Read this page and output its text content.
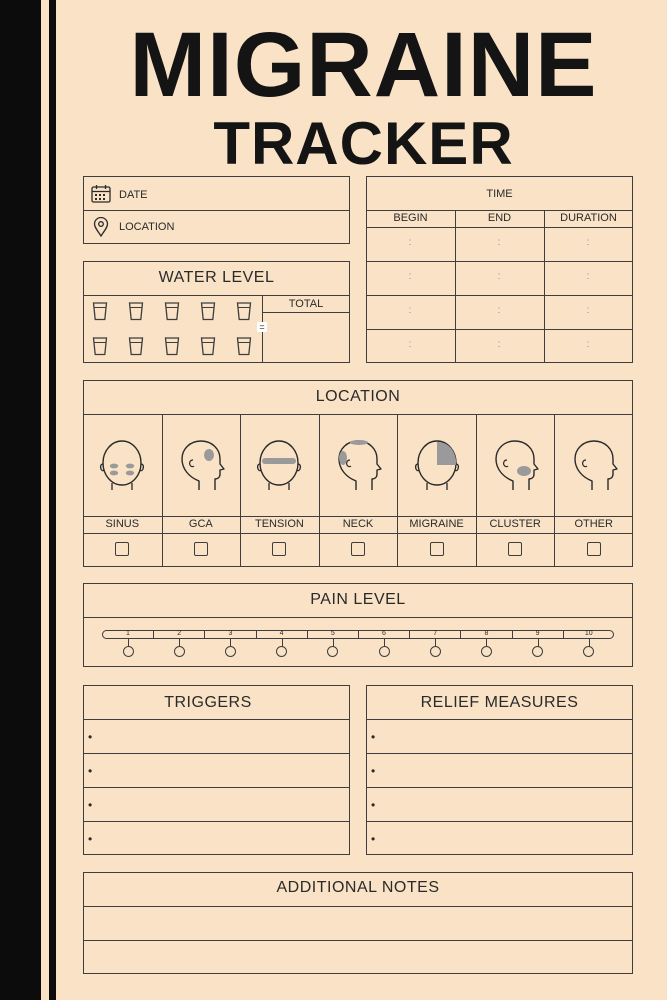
MIGRAINE
TRACKER
DATE
LOCATION
TIME
BEGIN	END	DURATION
:	:	:
:	:	:
:	:	:
:	:	:
WATER LEVEL
TOTAL
=
LOCATION
SINUS	GCA	TENSION	NECK	MIGRAINE	CLUSTER	OTHER
PAIN LEVEL
1	2	3	4	5	6	7	8	9	10
TRIGGERS	RELIEF MEASURES
•
•
•
•
•
•
•
•
ADDITIONAL NOTES
